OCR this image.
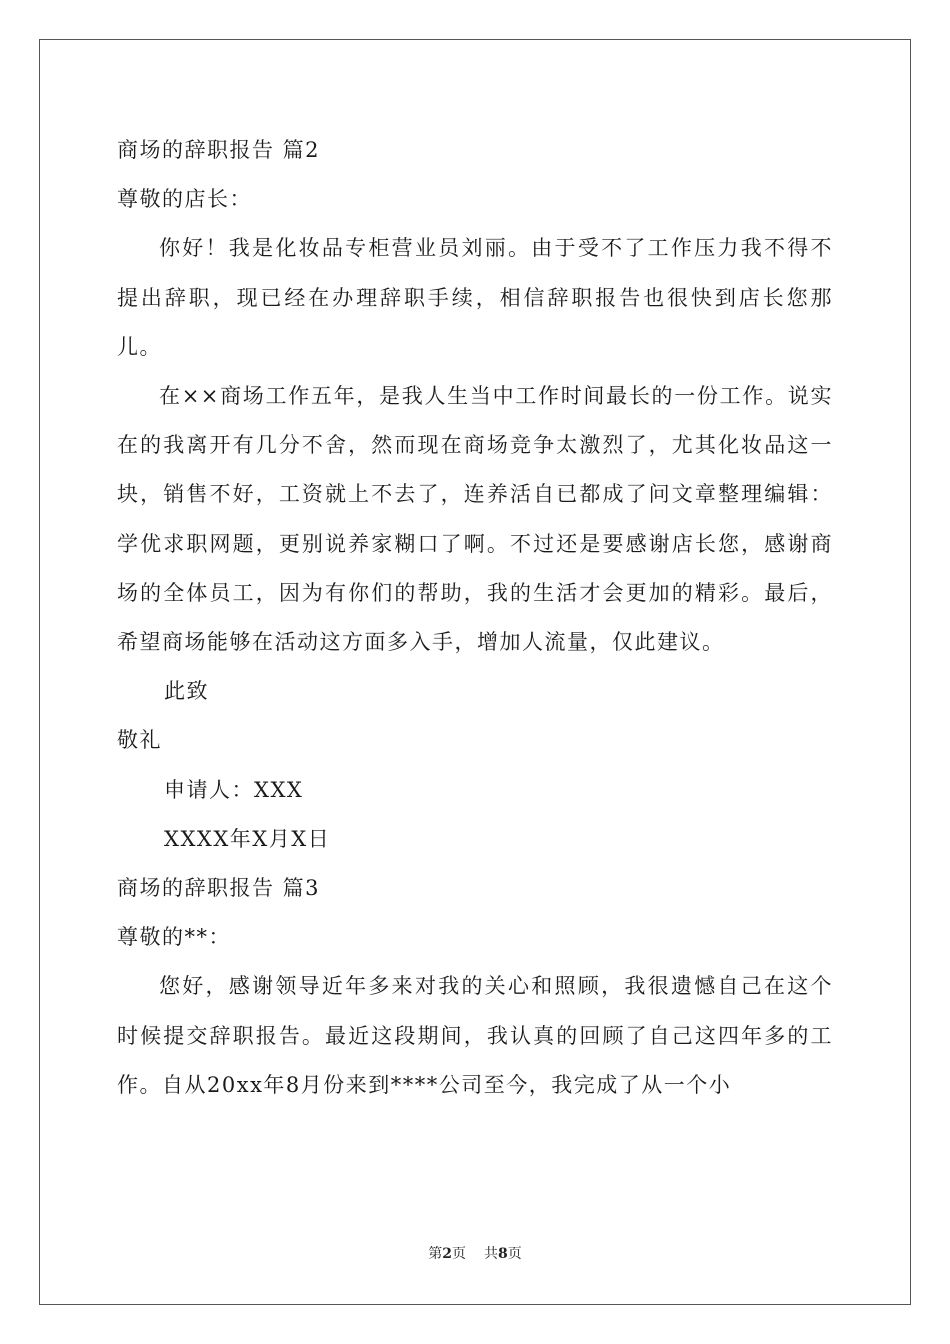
商场的辞职报告 篇2

尊敬的店长：

你好！我是化妆品专柜营业员刘丽。由于受不了工作压力我不得不提出辞职，现已经在办理辞职手续，相信辞职报告也很快到店长您那儿。

在××商场工作五年，是我人生当中工作时间最长的一份工作。说实在的我离开有几分不舍，然而现在商场竞争太激烈了，尤其化妆品这一块，销售不好，工资就上不去了，连养活自已都成了问文章整理编辑：学优求职网题，更别说养家糊口了啊。不过还是要感谢店长您，感谢商场的全体员工，因为有你们的帮助，我的生活才会更加的精彩。最后，希望商场能够在活动这方面多入手，增加人流量，仅此建议。

此致

敬礼

申请人：XXX

XXXX年X月X日

商场的辞职报告 篇3

尊敬的**：

您好，感谢领导近年多来对我的关心和照顾，我很遗憾自己在这个时候提交辞职报告。最近这段期间，我认真的回顾了自己这四年多的工作。自从20xx年8月份来到****公司至今，我完成了从一个小

第2页 共8页
